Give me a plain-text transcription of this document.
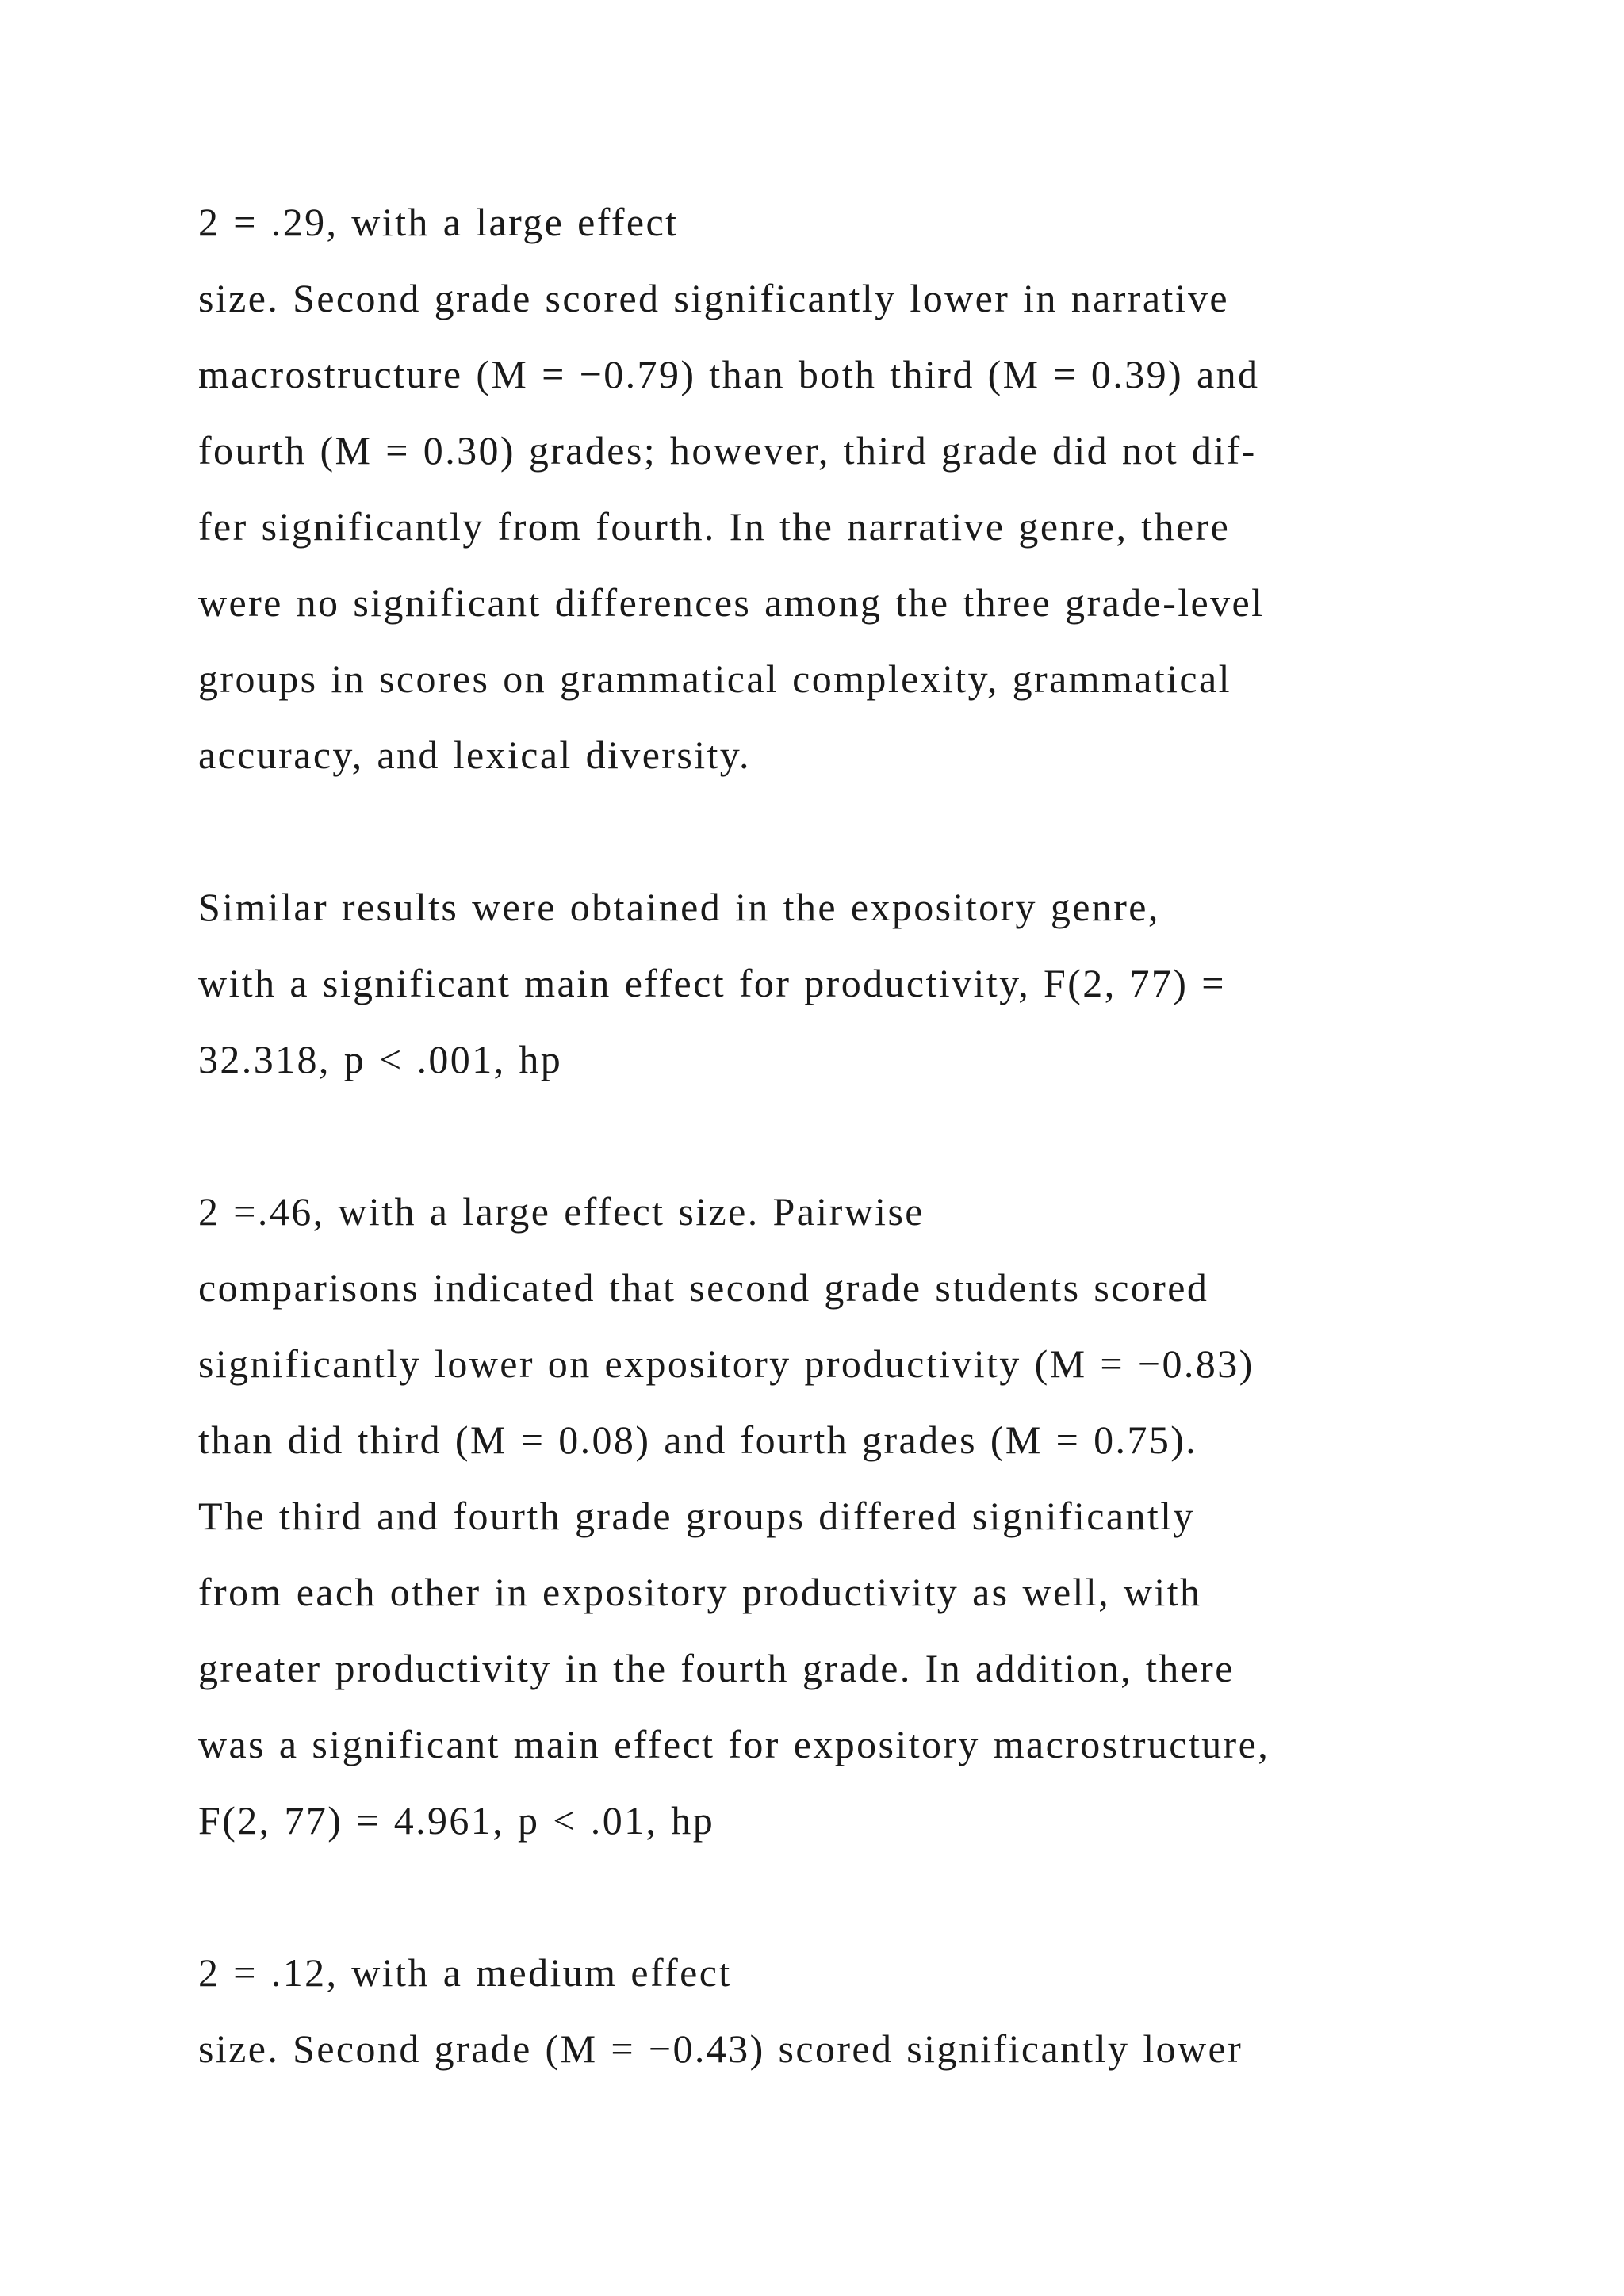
2 = .29, with a large effect
size. Second grade scored significantly lower in narrative
macrostructure (M = −0.79) than both third (M = 0.39) and
fourth (M = 0.30) grades; however, third grade did not dif-
fer significantly from fourth. In the narrative genre, there
were no significant differences among the three grade-level
groups in scores on grammatical complexity, grammatical
accuracy, and lexical diversity.
Similar results were obtained in the expository genre,
with a significant main effect for productivity, F(2, 77) =
32.318, p < .001, hp
2 =.46, with a large effect size. Pairwise
comparisons indicated that second grade students scored
significantly lower on expository productivity (M = −0.83)
than did third (M = 0.08) and fourth grades (M = 0.75).
The third and fourth grade groups differed significantly
from each other in expository productivity as well, with
greater productivity in the fourth grade. In addition, there
was a significant main effect for expository macrostructure,
F(2, 77) = 4.961, p < .01, hp
2 = .12, with a medium effect
size. Second grade (M = −0.43) scored significantly lower
